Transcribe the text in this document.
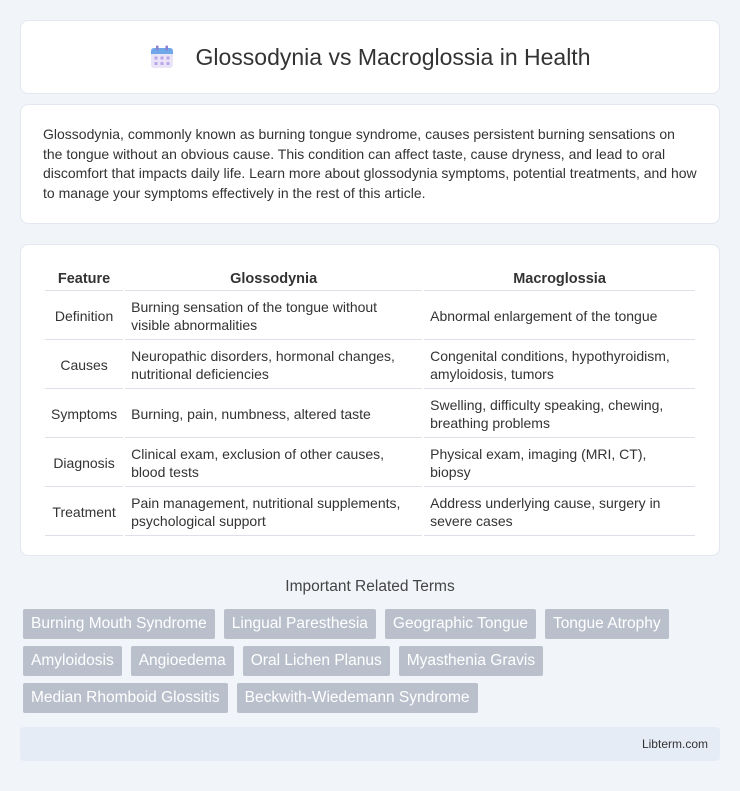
Glossodynia vs Macroglossia in Health

Glossodynia, commonly known as burning tongue syndrome, causes persistent burning sensations on the tongue without an obvious cause. This condition can affect taste, cause dryness, and lead to oral discomfort that impacts daily life. Learn more about glossodynia symptoms, potential treatments, and how to manage your symptoms effectively in the rest of this article.

Feature	Glossodynia	Macroglossia
Definition	Burning sensation of the tongue without visible abnormalities	Abnormal enlargement of the tongue
Causes	Neuropathic disorders, hormonal changes, nutritional deficiencies	Congenital conditions, hypothyroidism, amyloidosis, tumors
Symptoms	Burning, pain, numbness, altered taste	Swelling, difficulty speaking, chewing, breathing problems
Diagnosis	Clinical exam, exclusion of other causes, blood tests	Physical exam, imaging (MRI, CT), biopsy
Treatment	Pain management, nutritional supplements, psychological support	Address underlying cause, surgery in severe cases
Important Related Terms
Burning Mouth Syndrome	Lingual Paresthesia	Geographic Tongue	Tongue Atrophy
Amyloidosis	Angioedema	Oral Lichen Planus	Myasthenia Gravis
Median Rhomboid Glossitis	Beckwith-Wiedemann Syndrome
Libterm.com
